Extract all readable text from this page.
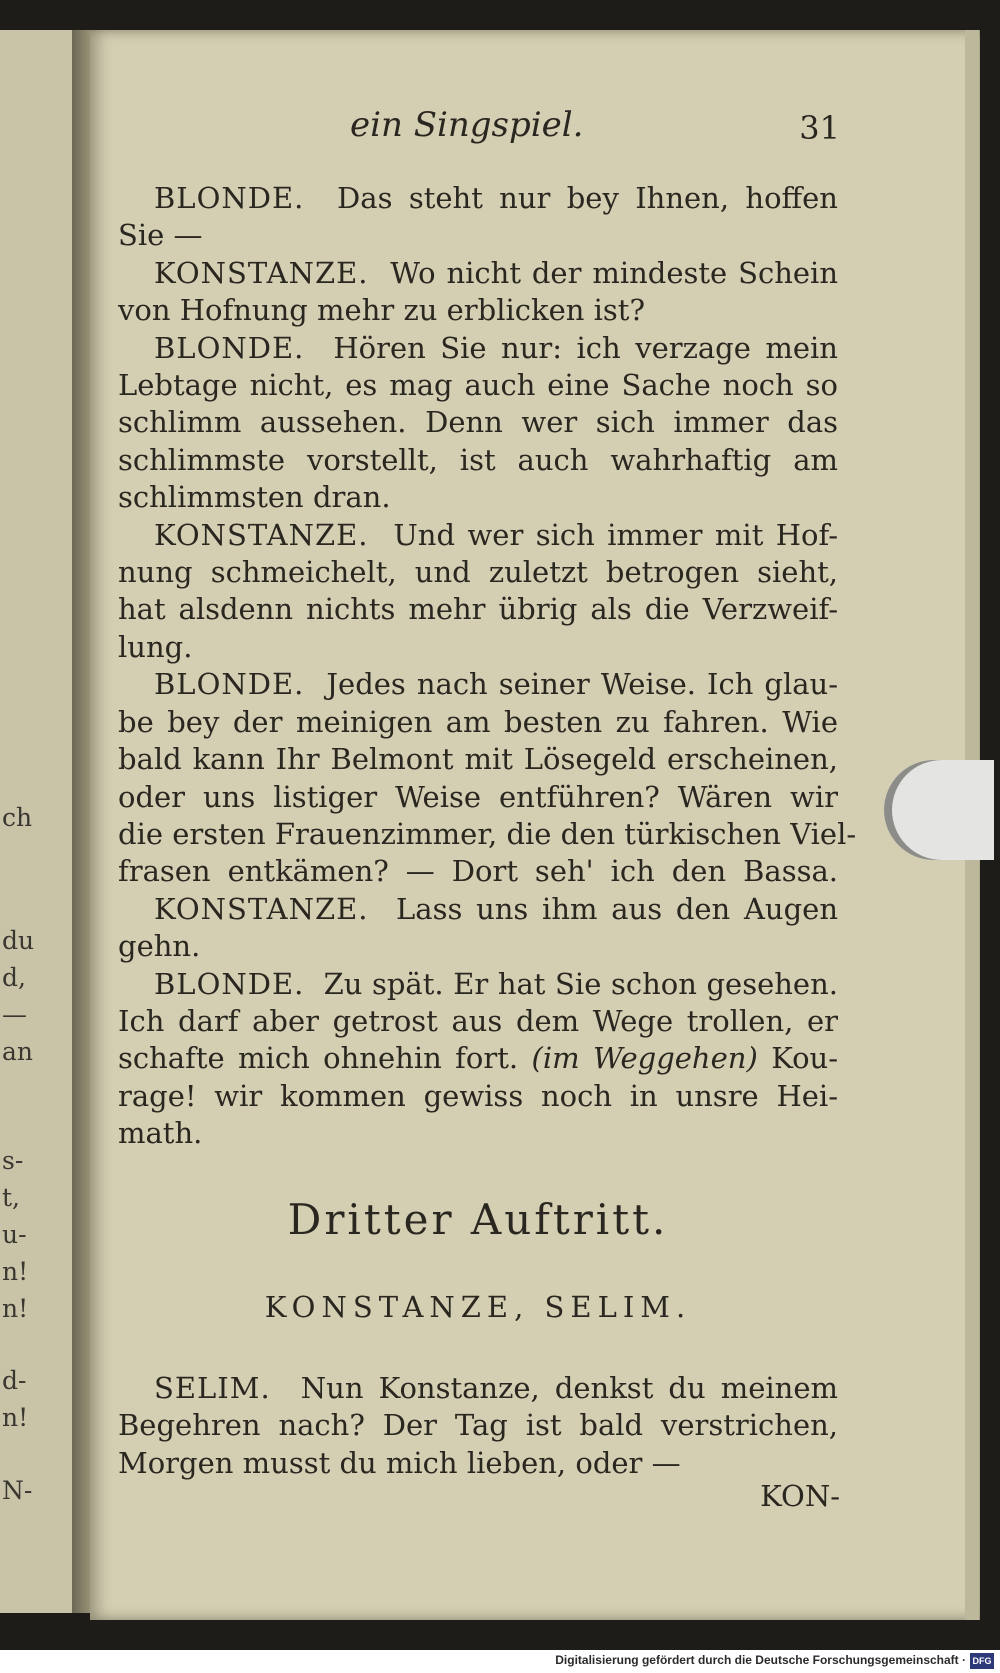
ch
du
d,
—
an
s-
t,
u-
n!
n!
d-
n!
N-
ein Singspiel.	31
BLONDE. Das steht nur bey Ihnen, hoffen
Sie —
KONSTANZE. Wo nicht der mindeste Schein
von Hofnung mehr zu erblicken ist?
BLONDE. Hören Sie nur: ich verzage mein
Lebtage nicht, es mag auch eine Sache noch so
schlimm aussehen. Denn wer sich immer das
schlimmste vorstellt, ist auch wahrhaftig am
schlimmsten dran.
KONSTANZE. Und wer sich immer mit Hof-
nung schmeichelt, und zuletzt betrogen sieht,
hat alsdenn nichts mehr übrig als die Verzweif-
lung.
BLONDE. Jedes nach seiner Weise. Ich glau-
be bey der meinigen am besten zu fahren. Wie
bald kann Ihr Belmont mit Lösegeld erscheinen,
oder uns listiger Weise entführen? Wären wir
die ersten Frauenzimmer, die den türkischen Viel-
frasen entkämen? — Dort seh' ich den Bassa.
KONSTANZE. Lass uns ihm aus den Augen
gehn.
BLONDE. Zu spät. Er hat Sie schon gesehen.
Ich darf aber getrost aus dem Wege trollen, er
schafte mich ohnehin fort. (im Weggehen) Kou-
rage! wir kommen gewiss noch in unsre Hei-
math.
Dritter Auftritt.
KONSTANZE, SELIM.
SELIM. Nun Konstanze, denkst du meinem
Begehren nach? Der Tag ist bald verstrichen,
Morgen musst du mich lieben, oder —
KON-
Digitalisierung gefördert durch die Deutsche Forschungsgemeinschaft · DFG
